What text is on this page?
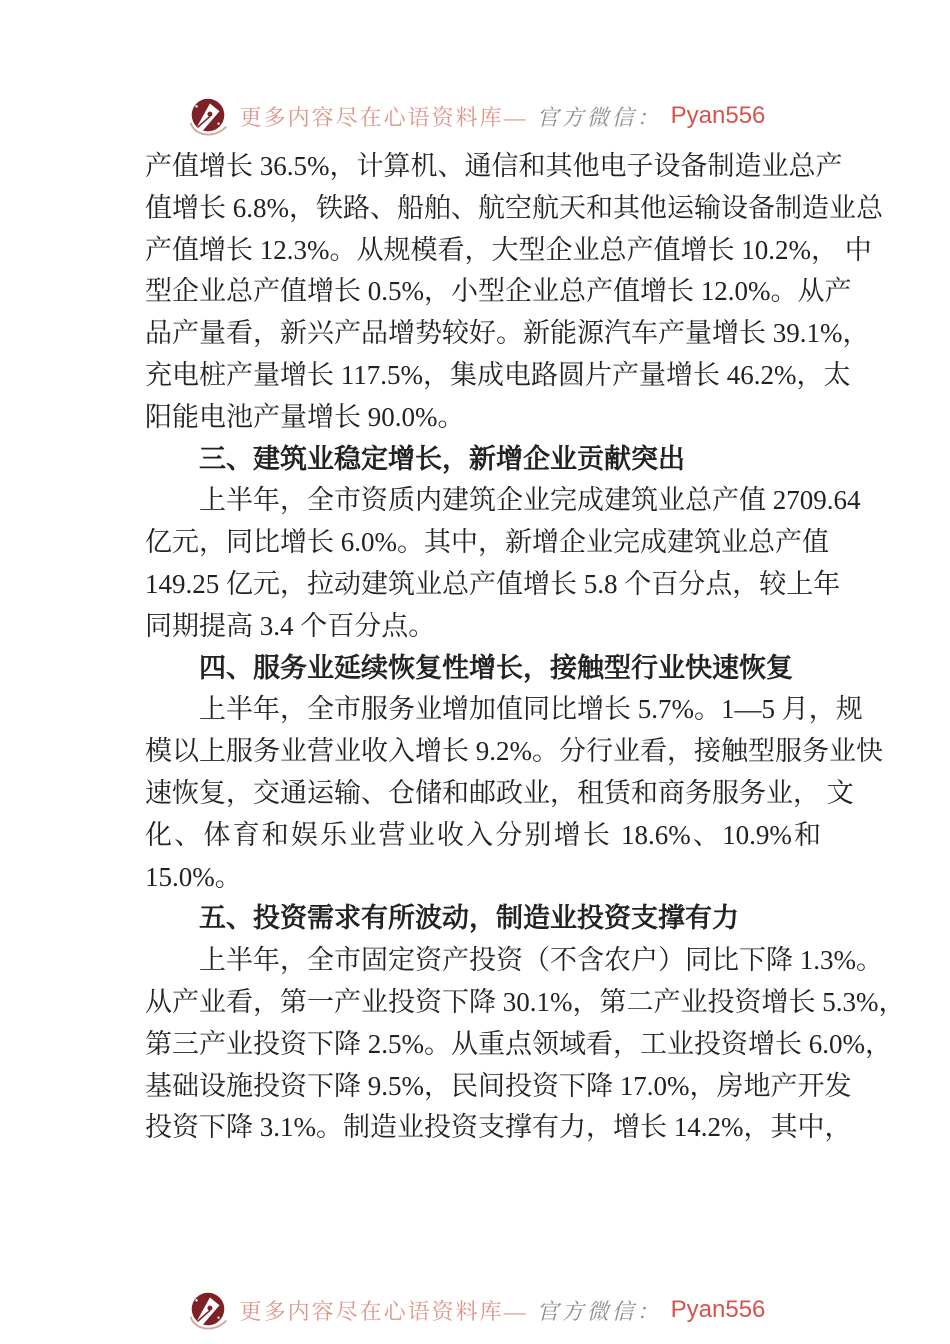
更多内容尽在心语资料库— 官方微信： Pyan556
产值增长 36.5%，计算机、通信和其他电子设备制造业总产
值增长 6.8%，铁路、船舶、航空航天和其他运输设备制造业总
产值增长 12.3%。从规模看，大型企业总产值增长 10.2%， 中
型企业总产值增长 0.5%，小型企业总产值增长 12.0%。从产
品产量看，新兴产品增势较好。新能源汽车产量增长 39.1%，
充电桩产量增长 117.5%，集成电路圆片产量增长 46.2%，太
阳能电池产量增长 90.0%。
三、建筑业稳定增长，新增企业贡献突出
上半年，全市资质内建筑企业完成建筑业总产值 2709.64
亿元，同比增长 6.0%。其中，新增企业完成建筑业总产值
149.25 亿元，拉动建筑业总产值增长 5.8 个百分点，较上年
同期提高 3.4 个百分点。
四、服务业延续恢复性增长，接触型行业快速恢复
上半年，全市服务业增加值同比增长 5.7%。1—5 月，规
模以上服务业营业收入增长 9.2%。分行业看，接触型服务业快
速恢复，交通运输、仓储和邮政业，租赁和商务服务业， 文
化、体育和娱乐业营业收入分别增长 18.6%、10.9%和
15.0%。
五、投资需求有所波动，制造业投资支撑有力
上半年，全市固定资产投资（不含农户）同比下降 1.3%。
从产业看，第一产业投资下降 30.1%，第二产业投资增长 5.3%，
第三产业投资下降 2.5%。从重点领域看，工业投资增长 6.0%，
基础设施投资下降 9.5%，民间投资下降 17.0%，房地产开发
投资下降 3.1%。制造业投资支撑有力，增长 14.2%，其中，
更多内容尽在心语资料库— 官方微信： Pyan556
